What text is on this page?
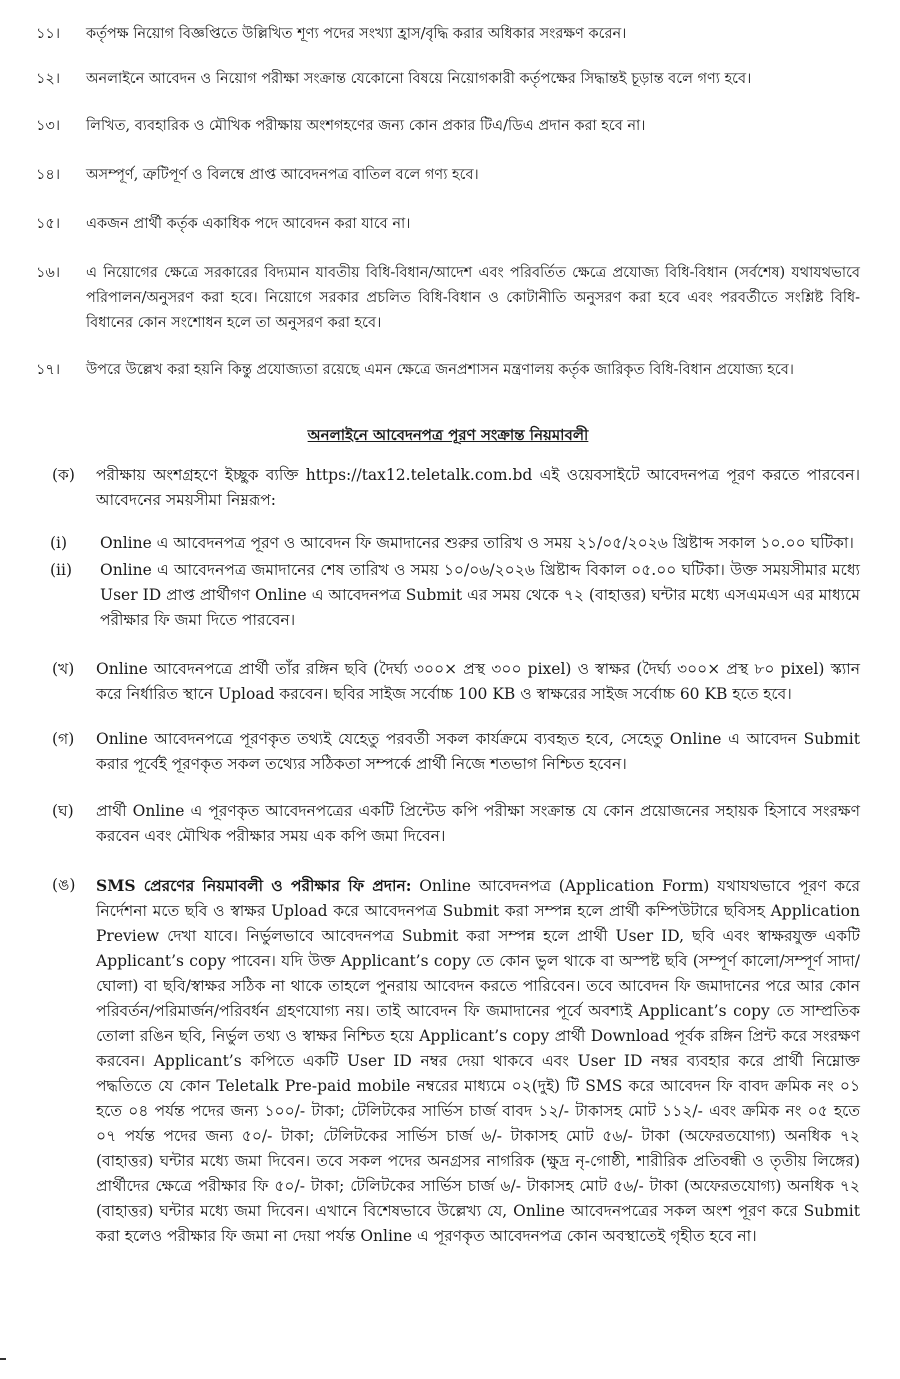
১১।	কর্তৃপক্ষ নিয়োগ বিজ্ঞপ্তিতে উল্লিখিত শূণ্য পদের সংখ্যা হ্রাস/বৃদ্ধি করার অধিকার সংরক্ষণ করেন।
১২।	অনলাইনে আবেদন ও নিয়োগ পরীক্ষা সংক্রান্ত যেকোনো বিষয়ে নিয়োগকারী কর্তৃপক্ষের সিদ্ধান্তই চূড়ান্ত বলে গণ্য হবে।
১৩।	লিখিত, ব্যবহারিক ও মৌখিক পরীক্ষায় অংশগহণের জন্য কোন প্রকার টিএ/ডিএ প্রদান করা হবে না।
১৪।	অসম্পূর্ণ, ত্রুটিপূর্ণ ও বিলম্বে প্রাপ্ত আবেদনপত্র বাতিল বলে গণ্য হবে।
১৫।	একজন প্রার্থী কর্তৃক একাধিক পদে আবেদন করা যাবে না।
১৬।	এ নিয়োগের ক্ষেত্রে সরকারের বিদ্যমান যাবতীয় বিধি-বিধান/আদেশ এবং পরিবর্তিত ক্ষেত্রে প্রযোজ্য বিধি-বিধান (সর্বশেষ) যথাযথভাবে পরিপালন/অনুসরণ করা হবে। নিয়োগে সরকার প্রচলিত বিধি-বিধান ও কোটানীতি অনুসরণ করা হবে এবং পরবর্তীতে সংশ্লিষ্ট বিধি-বিধানের কোন সংশোধন হলে তা অনুসরণ করা হবে।
১৭।	উপরে উল্লেখ করা হয়নি কিন্তু প্রযোজ্যতা রয়েছে এমন ক্ষেত্রে জনপ্রশাসন মন্ত্রণালয় কর্তৃক জারিকৃত বিধি-বিধান প্রযোজ্য হবে।
অনলাইনে আবেদনপত্র পূরণ সংক্রান্ত নিয়মাবলী
(ক)	পরীক্ষায় অংশগ্রহণে ইচ্ছুক ব্যক্তি https://tax12.teletalk.com.bd এই ওয়েবসাইটে আবেদনপত্র পূরণ করতে পারবেন। আবেদনের সময়সীমা নিম্নরূপ:
(i)	Online এ আবেদনপত্র পূরণ ও আবেদন ফি জমাদানের শুরুর তারিখ ও সময় ২১/০৫/২০২৬ খ্রিষ্টাব্দ সকাল ১০.০০ ঘটিকা।
(ii)	Online এ আবেদনপত্র জমাদানের শেষ তারিখ ও সময় ১০/০৬/২০২৬ খ্রিষ্টাব্দ বিকাল ০৫.০০ ঘটিকা। উক্ত সময়সীমার মধ্যে User ID প্রাপ্ত প্রার্থীগণ Online এ আবেদনপত্র Submit এর সময় থেকে ৭২ (বাহাত্তর) ঘন্টার মধ্যে এসএমএস এর মাধ্যমে পরীক্ষার ফি জমা দিতে পারবেন।
(খ)	Online আবেদনপত্রে প্রার্থী তাঁর রঙ্গিন ছবি (দৈর্ঘ্য ৩০০× প্রস্থ ৩০০ pixel) ও স্বাক্ষর (দৈর্ঘ্য ৩০০× প্রস্থ ৮০ pixel) স্ক্যান করে নির্ধারিত স্থানে Upload করবেন। ছবির সাইজ সর্বোচ্চ 100 KB ও স্বাক্ষরের সাইজ সর্বোচ্চ 60 KB হতে হবে।
(গ)	Online আবেদনপত্রে পূরণকৃত তথ্যই যেহেতু পরবর্তী সকল কার্যক্রমে ব্যবহৃত হবে, সেহেতু Online এ আবেদন Submit করার পূর্বেই পূরণকৃত সকল তথ্যের সঠিকতা সম্পর্কে প্রার্থী নিজে শতভাগ নিশ্চিত হবেন।
(ঘ)	প্রার্থী Online এ পূরণকৃত আবেদনপত্রের একটি প্রিন্টেড কপি পরীক্ষা সংক্রান্ত যে কোন প্রয়োজনের সহায়ক হিসাবে সংরক্ষণ করবেন এবং মৌখিক পরীক্ষার সময় এক কপি জমা দিবেন।
(ঙ)	SMS প্রেরণের নিয়মাবলী ও পরীক্ষার ফি প্রদান: Online আবেদনপত্র (Application Form) যথাযথভাবে পূরণ করে নির্দেশনা মতে ছবি ও স্বাক্ষর Upload করে আবেদনপত্র Submit করা সম্পন্ন হলে প্রার্থী কম্পিউটারে ছবিসহ Application Preview দেখা যাবে। নির্ভুলভাবে আবেদনপত্র Submit করা সম্পন্ন হলে প্রার্থী User ID, ছবি এবং স্বাক্ষরযুক্ত একটি Applicant’s copy পাবেন। যদি উক্ত Applicant’s copy তে কোন ভুল থাকে বা অস্পষ্ট ছবি (সম্পূর্ণ কালো/সম্পূর্ণ সাদা/ঘোলা) বা ছবি/স্বাক্ষর সঠিক না থাকে তাহলে পুনরায় আবেদন করতে পারিবেন। তবে আবেদন ফি জমাদানের পরে আর কোন পরিবর্তন/পরিমার্জন/পরিবর্ধন গ্রহণযোগ্য নয়। তাই আবেদন ফি জমাদানের পূর্বে অবশ্যই Applicant’s copy তে সাম্প্রতিক তোলা রঙিন ছবি, নির্ভুল তথ্য ও স্বাক্ষর নিশ্চিত হয়ে Applicant’s copy প্রার্থী Download পূর্বক রঙ্গিন প্রিন্ট করে সংরক্ষণ করবেন। Applicant’s কপিতে একটি User ID নম্বর দেয়া থাকবে এবং User ID নম্বর ব্যবহার করে প্রার্থী নিম্নোক্ত পদ্ধতিতে যে কোন Teletalk Pre-paid mobile নম্বরের মাধ্যমে ০২(দুই) টি SMS করে আবেদন ফি বাবদ ক্রমিক নং ০১ হতে ০৪ পর্যন্ত পদের জন্য ১০০/- টাকা; টেলিটকের সার্ভিস চার্জ বাবদ ১২/- টাকাসহ মোট ১১২/- এবং ক্রমিক নং ০৫ হতে ০৭ পর্যন্ত পদের জন্য ৫০/- টাকা; টেলিটকের সার্ভিস চার্জ ৬/- টাকাসহ মোট ৫৬/- টাকা (অফেরতযোগ্য) অনধিক ৭২ (বাহাত্তর) ঘন্টার মধ্যে জমা দিবেন। তবে সকল পদের অনগ্রসর নাগরিক (ক্ষুদ্র নৃ-গোষ্ঠী, শারীরিক প্রতিবন্ধী ও তৃতীয় লিঙ্গের) প্রার্থীদের ক্ষেত্রে পরীক্ষার ফি ৫০/- টাকা; টেলিটকের সার্ভিস চার্জ ৬/- টাকাসহ মোট ৫৬/- টাকা (অফেরতযোগ্য) অনধিক ৭২ (বাহাত্তর) ঘন্টার মধ্যে জমা দিবেন। এখানে বিশেষভাবে উল্লেখ্য যে, Online আবেদনপত্রের সকল অংশ পূরণ করে Submit করা হলেও পরীক্ষার ফি জমা না দেয়া পর্যন্ত Online এ পূরণকৃত আবেদনপত্র কোন অবস্থাতেই গৃহীত হবে না।
